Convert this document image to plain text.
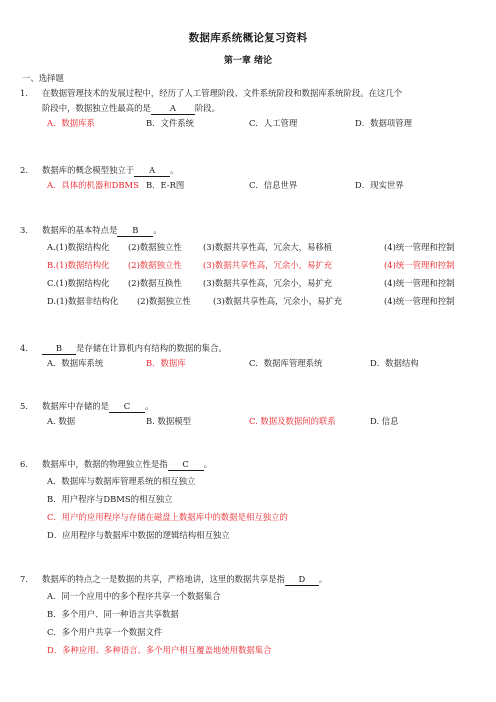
数据库系统概论复习资料
第一章 绪论
一、选择题
1.	在数据管理技术的发展过程中，经历了人工管理阶段、文件系统阶段和数据库系统阶段。在这几个
阶段中，数据独立性最高的是 A 阶段。
A．数据库系	B．文件系统	C．人工管理	D．数据项管理
2.	数据库的概念模型独立于 A 。
A．具体的机器和DBMS B．E-R图	C．信息世界	D．现实世界
3.	数据库的基本特点是 B 。
A.(1)数据结构化 (2)数据独立性	(3)数据共享性高，冗余大，易移植	(4)统一管理和控制
B.(1)数据结构化 (2)数据独立性	(3)数据共享性高，冗余小，易扩充	(4)统一管理和控制
C.(1)数据结构化 (2)数据互换性	(3)数据共享性高，冗余小，易扩充	(4)统一管理和控制
D.(1)数据非结构化 (2)数据独立性	(3)数据共享性高，冗余小，易扩充	(4)统一管理和控制
4.	B 是存储在计算机内有结构的数据的集合。
A．数据库系统	B．数据库	C．数据库管理系统	D．数据结构
5.	数据库中存储的是 C 。
A. 数据	B. 数据模型	C. 数据及数据间的联系	D. 信息
6.	数据库中，数据的物理独立性是指 C 。
A．数据库与数据库管理系统的相互独立
B．用户程序与DBMS的相互独立
C．用户的应用程序与存储在磁盘上数据库中的数据是相互独立的
D．应用程序与数据库中数据的逻辑结构相互独立
7.	数据库的特点之一是数据的共享，严格地讲，这里的数据共享是指 D 。
A．同一个应用中的多个程序共享一个数据集合
B．多个用户、同一种语言共享数据
C．多个用户共享一个数据文件
D．多种应用、多种语言、多个用户相互覆盖地使用数据集合
